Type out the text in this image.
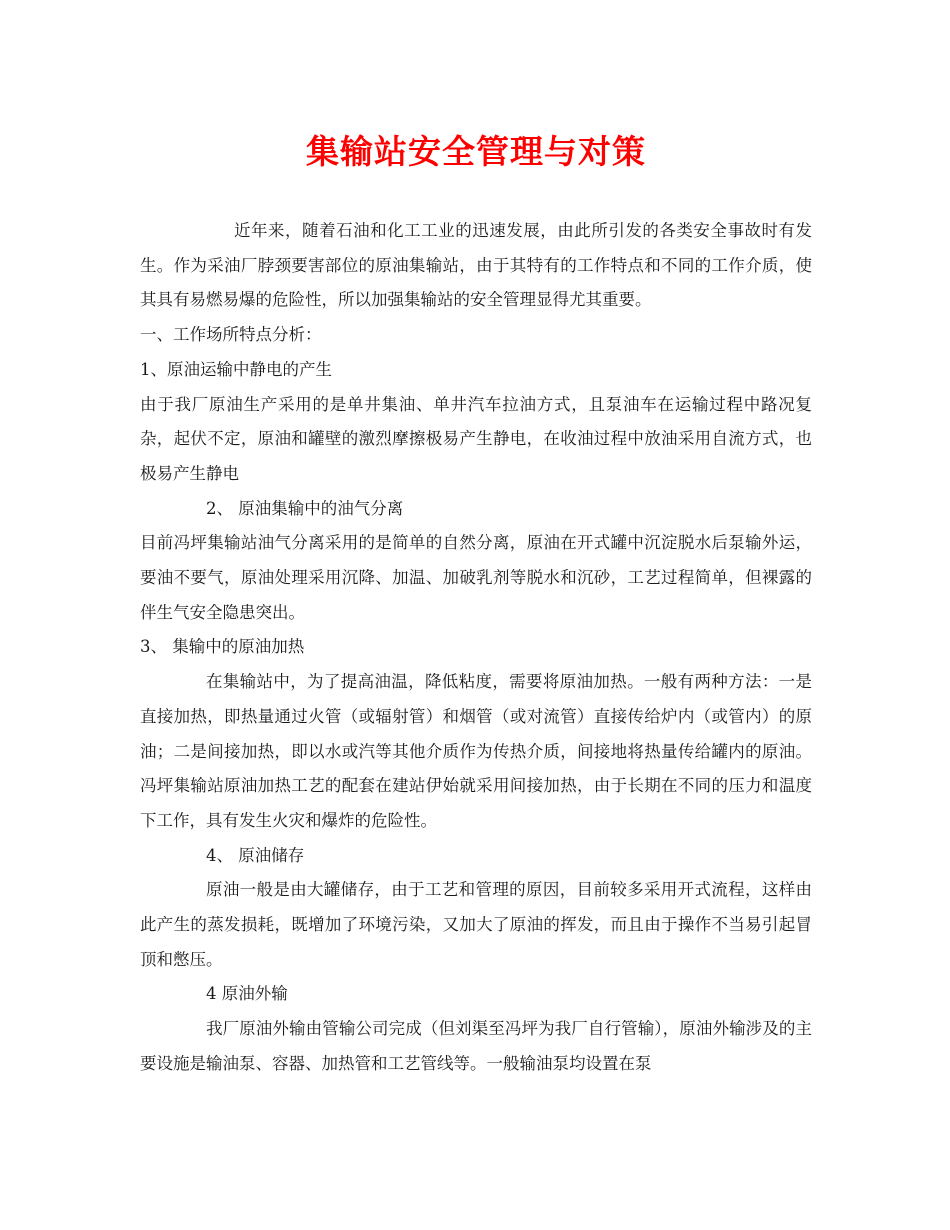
集输站安全管理与对策

近年来，随着石油和化工工业的迅速发展，由此所引发的各类安全事故时有发生。作为采油厂脖颈要害部位的原油集输站，由于其特有的工作特点和不同的工作介质，使其具有易燃易爆的危险性，所以加强集输站的安全管理显得尤其重要。

一、工作场所特点分析：

1、原油运输中静电的产生

由于我厂原油生产采用的是单井集油、单井汽车拉油方式，且泵油车在运输过程中路况复杂，起伏不定，原油和罐壁的激烈摩擦极易产生静电，在收油过程中放油采用自流方式，也极易产生静电

2、 原油集输中的油气分离

目前冯坪集输站油气分离采用的是简单的自然分离，原油在开式罐中沉淀脱水后泵输外运，要油不要气，原油处理采用沉降、加温、加破乳剂等脱水和沉砂，工艺过程简单，但裸露的伴生气安全隐患突出。

3、 集输中的原油加热

在集输站中，为了提高油温，降低粘度，需要将原油加热。一般有两种方法：一是直接加热，即热量通过火管（或辐射管）和烟管（或对流管）直接传给炉内（或管内）的原油；二是间接加热，即以水或汽等其他介质作为传热介质，间接地将热量传给罐内的原油。冯坪集输站原油加热工艺的配套在建站伊始就采用间接加热，由于长期在不同的压力和温度下工作，具有发生火灾和爆炸的危险性。

4、 原油储存

原油一般是由大罐储存，由于工艺和管理的原因，目前较多采用开式流程，这样由此产生的蒸发损耗，既增加了环境污染，又加大了原油的挥发，而且由于操作不当易引起冒顶和憋压。

4 原油外输

我厂原油外输由管输公司完成（但刘渠至冯坪为我厂自行管输），原油外输涉及的主要设施是输油泵、容器、加热管和工艺管线等。一般输油泵均设置在泵
